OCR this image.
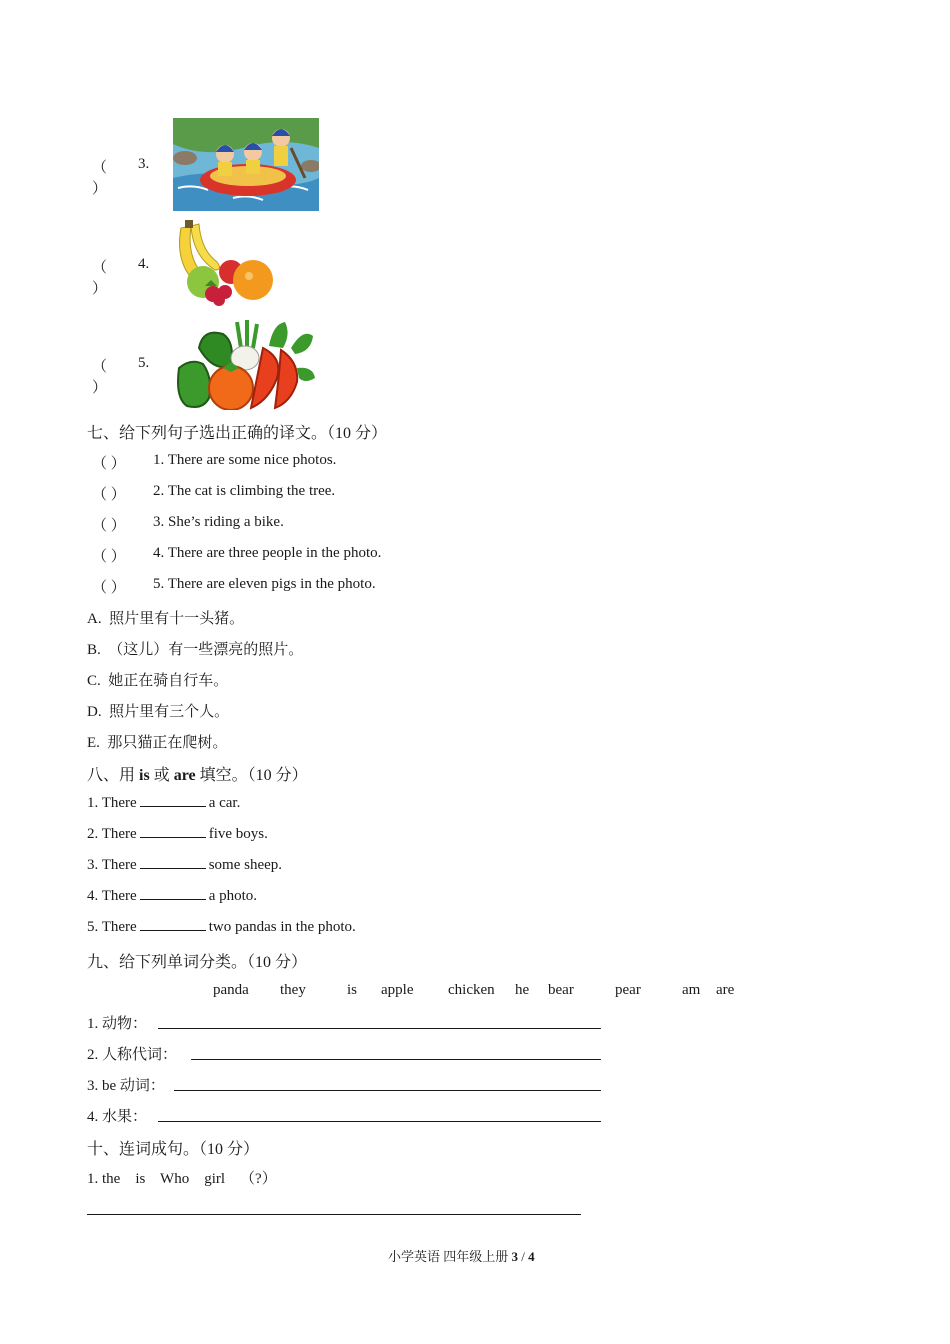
（ ）
3.
（ ）
4.
（ ）
5.
七、给下列句子选出正确的译文。（10 分）
（ ） 1. There are some nice photos.
（ ） 2. The cat is climbing the tree.
（ ） 3. She’s riding a bike.
（ ） 4. There are three people in the photo.
（ ） 5. There are eleven pigs in the photo.
A. 照片里有十一头猪。
B. （这儿）有一些漂亮的照片。
C. 她正在骑自行车。
D. 照片里有三个人。
E. 那只猫正在爬树。
八、用 is 或 are 填空。（10 分）
1. There	a car.
2. There	five boys.
3. There	some sheep.
4. There	a photo.
5. There	two pandas in the photo.
九、给下列单词分类。（10 分）
panda they	is apple chicken he bear	pear	am are
1. 动物：
2. 人称代词：
3. be 动词：
4. 水果：
十、连词成句。（10 分）
1. the    is    Who    girl    （?）
小学英语 四年级上册 3 / 4
